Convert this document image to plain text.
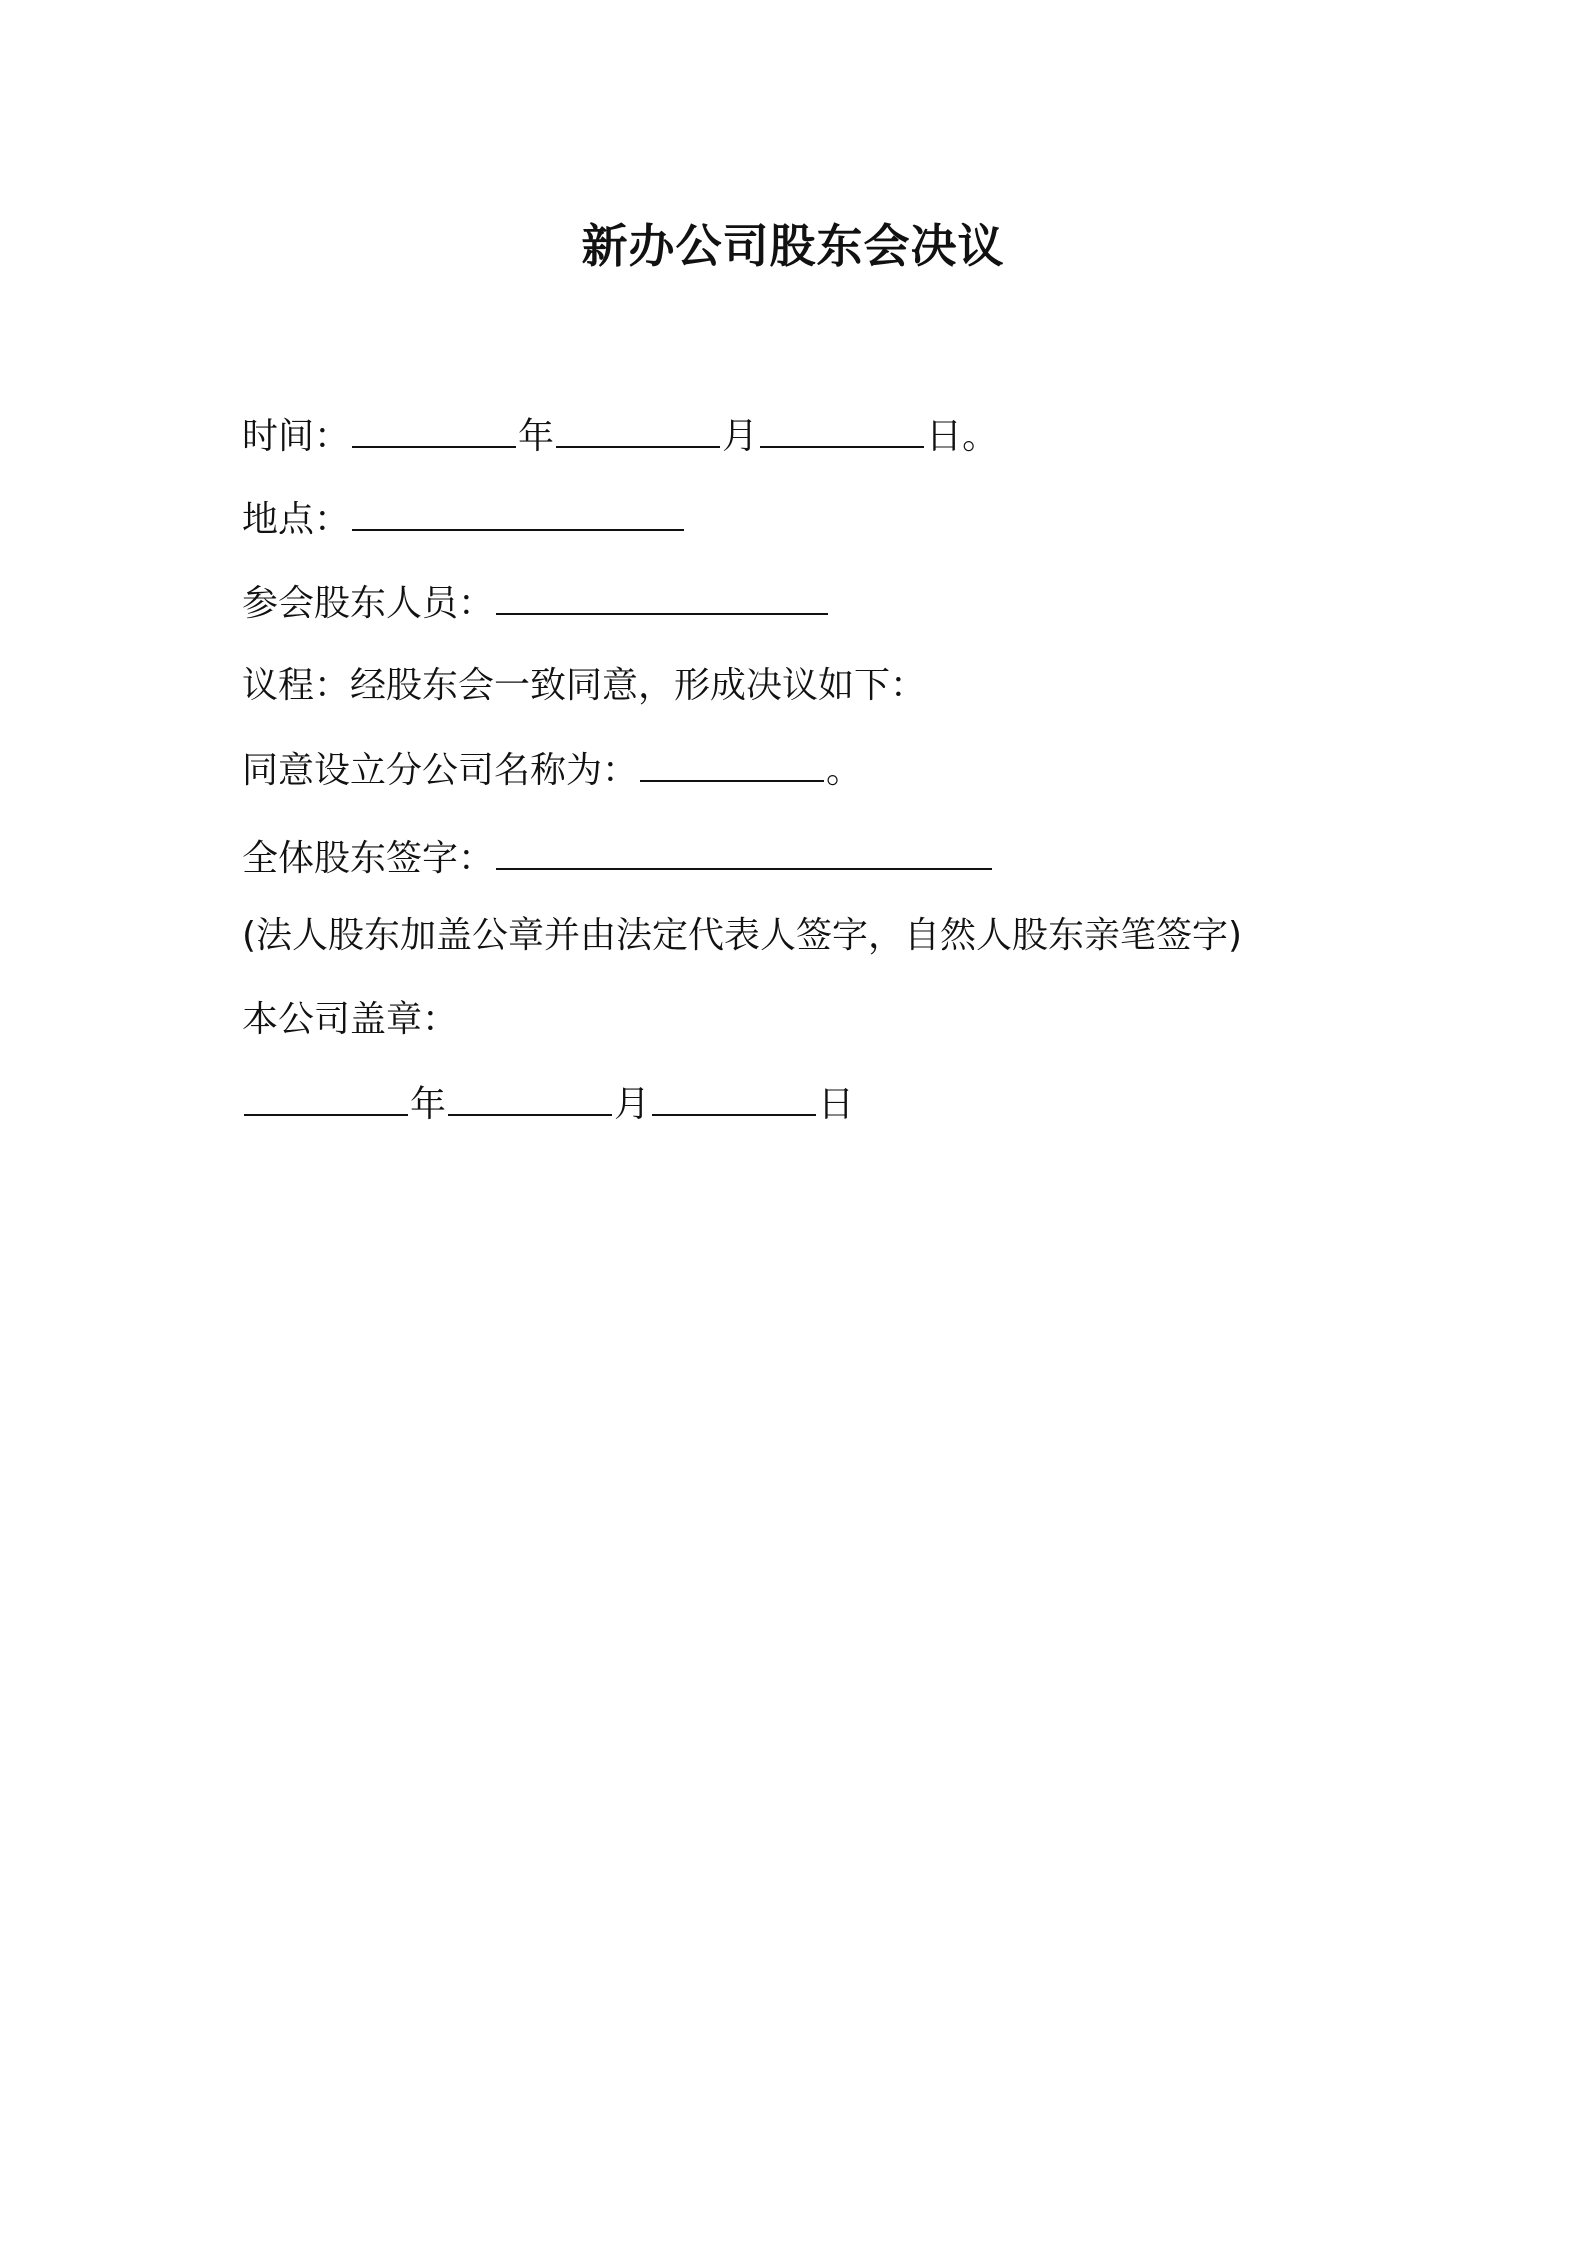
新办公司股东会决议
时间：	年	月	日。
地点：
参会股东人员：
议程：经股东会一致同意，形成决议如下：
同意设立分公司名称为：	。
全体股东签字：
(法人股东加盖公章并由法定代表人签字，自然人股东亲笔签字)
本公司盖章：
年	月	日
